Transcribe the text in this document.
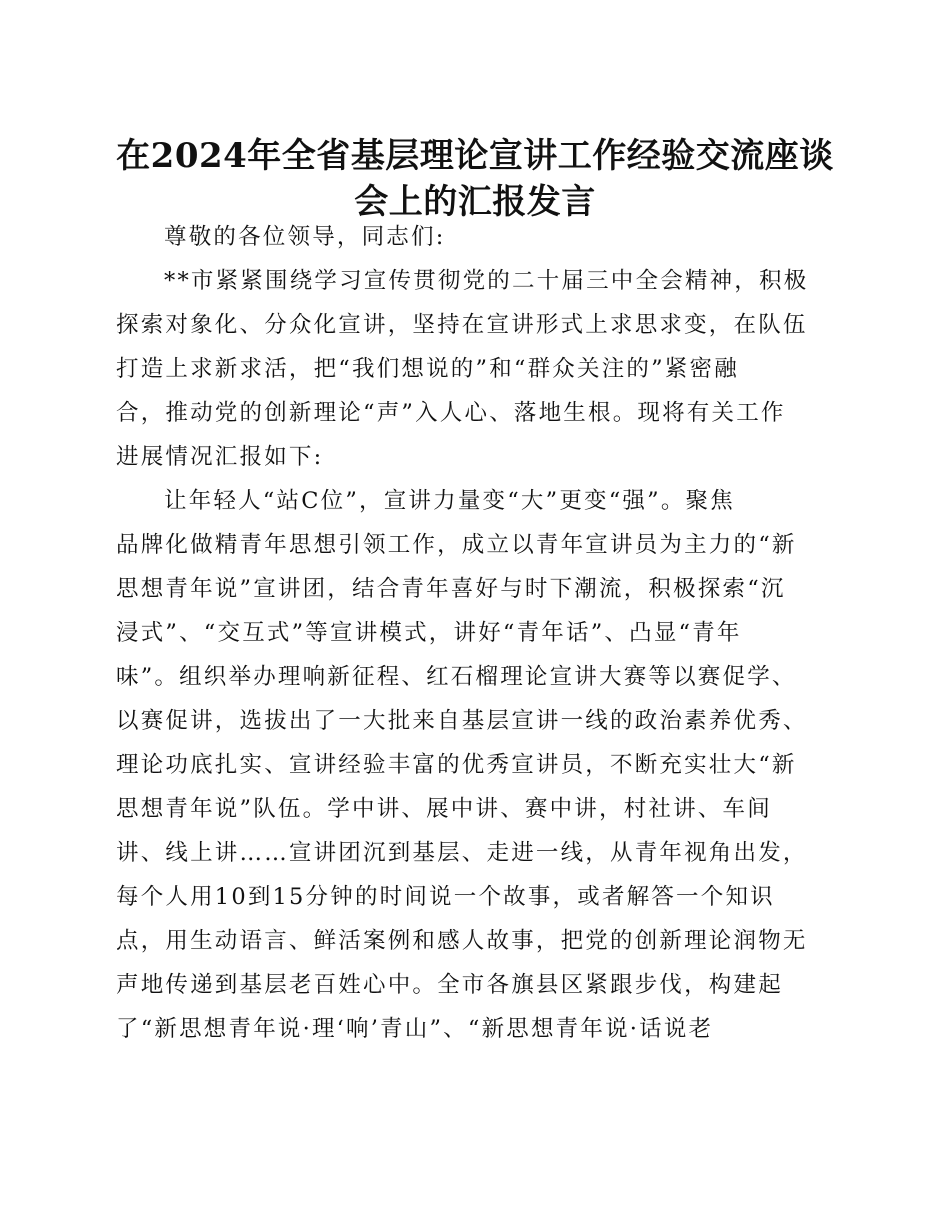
在2024年全省基层理论宣讲工作经验交流座谈
会上的汇报发言
尊敬的各位领导，同志们:
**市紧紧围绕学习宣传贯彻党的二十届三中全会精神，积极
探索对象化、分众化宣讲，坚持在宣讲形式上求思求变，在队伍
打造上求新求活，把“我们想说的”和“群众关注的”紧密融
合，推动党的创新理论“声”入人心、落地生根。现将有关工作
进展情况汇报如下:
让年轻人“站C位”，宣讲力量变“大”更变“强”。聚焦
品牌化做精青年思想引领工作，成立以青年宣讲员为主力的“新
思想青年说”宣讲团，结合青年喜好与时下潮流，积极探索“沉
浸式”、“交互式”等宣讲模式，讲好“青年话”、凸显“青年
味”。组织举办理响新征程、红石榴理论宣讲大赛等以赛促学、
以赛促讲，选拔出了一大批来自基层宣讲一线的政治素养优秀、
理论功底扎实、宣讲经验丰富的优秀宣讲员，不断充实壮大“新
思想青年说”队伍。学中讲、展中讲、赛中讲，村社讲、车间
讲、线上讲……宣讲团沉到基层、走进一线，从青年视角出发，
每个人用10到15分钟的时间说一个故事，或者解答一个知识
点，用生动语言、鲜活案例和感人故事，把党的创新理论润物无
声地传递到基层老百姓心中。全市各旗县区紧跟步伐，构建起
了“新思想青年说·理‘响’青山”、“新思想青年说·话说老
